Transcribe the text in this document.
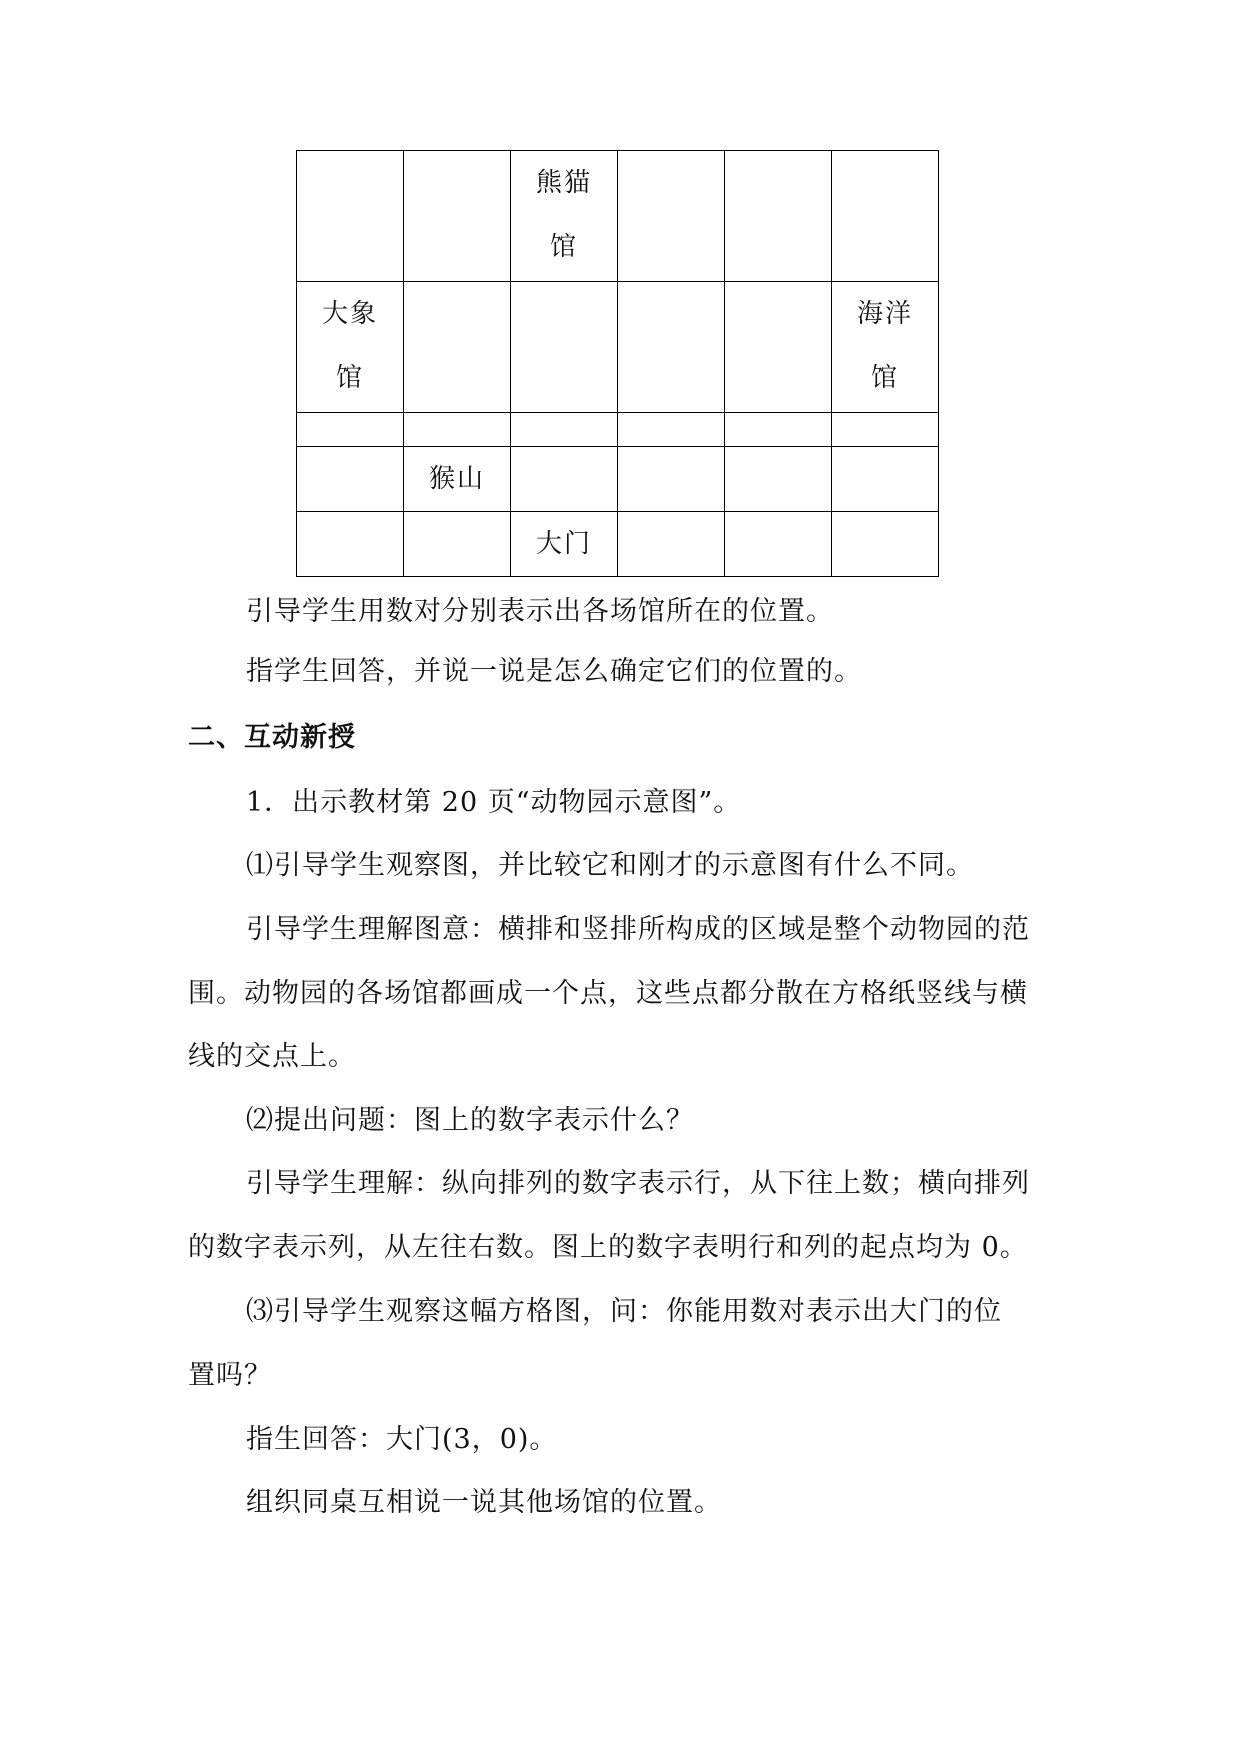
		熊猫馆			

大象馆					海洋馆

	猴山				

		大门			

引导学生用数对分别表示出各场馆所在的位置。
指学生回答，并说一说是怎么确定它们的位置的。
二、互动新授
1．出示教材第 20 页“动物园示意图”。
⑴引导学生观察图，并比较它和刚才的示意图有什么不同。
引导学生理解图意：横排和竖排所构成的区域是整个动物园的范
围。动物园的各场馆都画成一个点，这些点都分散在方格纸竖线与横
线的交点上。
⑵提出问题：图上的数字表示什么？
引导学生理解：纵向排列的数字表示行，从下往上数；横向排列
的数字表示列，从左往右数。图上的数字表明行和列的起点均为 0。
⑶引导学生观察这幅方格图，问：你能用数对表示出大门的位
置吗？
指生回答：大门(3，0)。
组织同桌互相说一说其他场馆的位置。
